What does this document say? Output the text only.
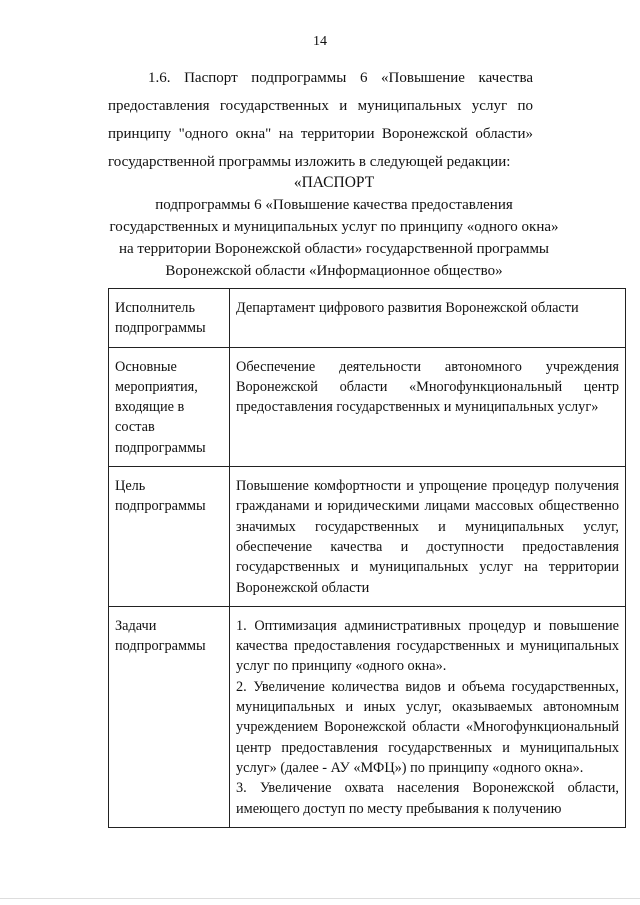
14
1.6. Паспорт подпрограммы 6 «Повышение качества предоставления государственных и муниципальных услуг по принципу "одного окна" на территории Воронежской области» государственной программы изложить в следующей редакции:
«ПАСПОРТ
подпрограммы 6 «Повышение качества предоставления государственных и муниципальных услуг по принципу «одного окна» на территории Воронежской области» государственной программы Воронежской области «Информационное общество»
Исполнитель подпрограммы	Департамент цифрового развития Воронежской области
Основные мероприятия, входящие в состав подпрограммы	Обеспечение деятельности автономного учреждения Воронежской области «Многофункциональный центр предоставления государственных и муниципальных услуг»
Цель подпрограммы	Повышение комфортности и упрощение процедур получения гражданами и юридическими лицами массовых общественно значимых государственных и муниципальных услуг, обеспечение качества и доступности предоставления государственных и муниципальных услуг на территории Воронежской области
Задачи подпрограммы	1. Оптимизация административных процедур и повышение качества предоставления государственных и муниципальных услуг по принципу «одного окна».
2. Увеличение количества видов и объема государственных, муниципальных и иных услуг, оказываемых автономным учреждением Воронежской области «Многофункциональный центр предоставления государственных и муниципальных услуг» (далее - АУ «МФЦ») по принципу «одного окна».
3. Увеличение охвата населения Воронежской области, имеющего доступ по месту пребывания к получению
